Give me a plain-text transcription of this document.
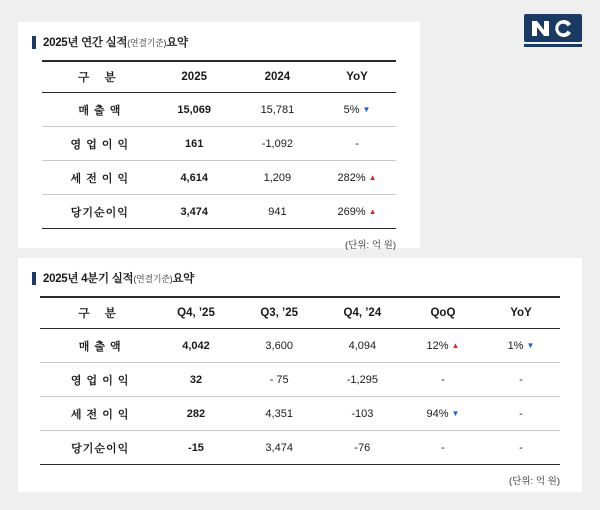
2025년 연간 실적 (연결기준) 요약
구 분	2025	2024	YoY
매 출 액	15,069	15,781	5% ▼
영 업 이 익	161	-1,092	-
세 전 이 익	4,614	1,209	282% ▲
당기순이익	3,474	941	269% ▲
(단위: 억 원)
2025년 4분기 실적 (연결기준) 요약
구 분	Q4, ’25	Q3, ’25	Q4, ’24	QoQ	YoY
매 출 액	4,042	3,600	4,094	12% ▲	1% ▼
영 업 이 익	32	- 75	-1,295	-	-
세 전 이 익	282	4,351	-103	94% ▼	-
당기순이익	-15	3,474	-76	-	-
(단위: 억 원)
